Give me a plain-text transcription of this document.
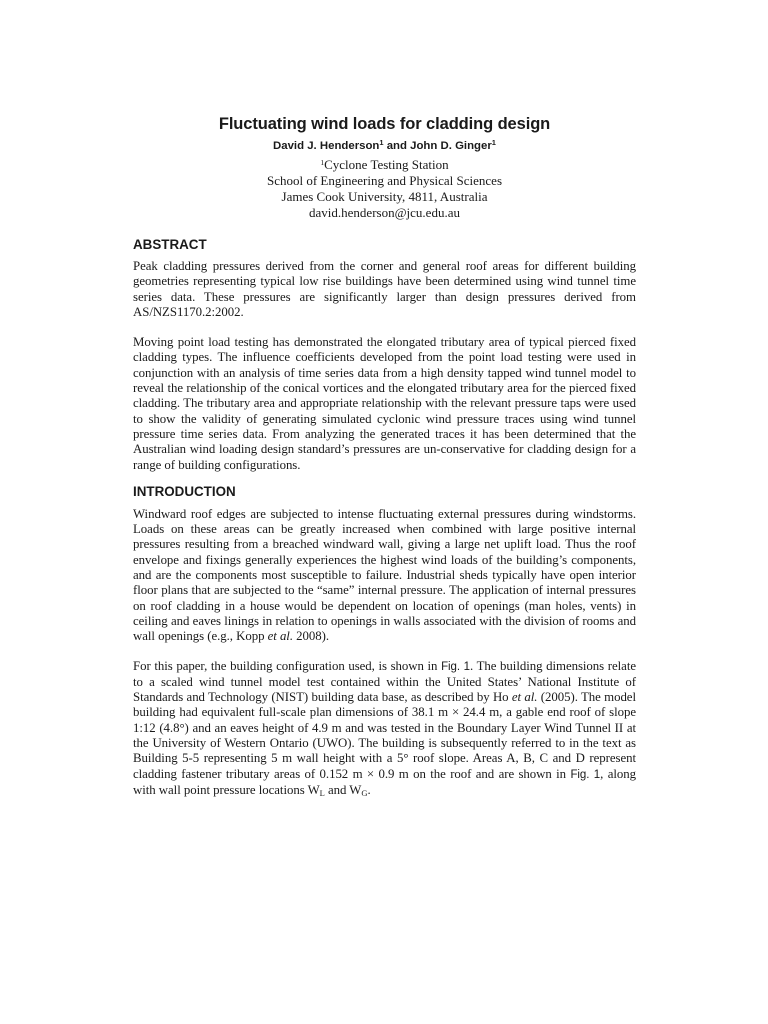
Fluctuating wind loads for cladding design

David J. Henderson$^1$ and John D. Ginger$^1$

$^1$Cyclone Testing Station

School of Engineering and Physical Sciences

James Cook University, 4811, Australia

david.henderson@jcu.edu.au

ABSTRACT

Peak cladding pressures derived from the corner and general roof areas for different building geometries representing typical low rise buildings have been determined using wind tunnel time series data. These pressures are significantly larger than design pressures derived from AS/NZS1170.2:2002.

Moving point load testing has demonstrated the elongated tributary area of typical pierced fixed cladding types. The influence coefficients developed from the point load testing were used in conjunction with an analysis of time series data from a high density tapped wind tunnel model to reveal the relationship of the conical vortices and the elongated tributary area for the pierced fixed cladding. The tributary area and appropriate relationship with the relevant pressure taps were used to show the validity of generating simulated cyclonic wind pressure traces using wind tunnel pressure time series data. From analyzing the generated traces it has been determined that the Australian wind loading design standard’s pressures are un-conservative for cladding design for a range of building configurations.

INTRODUCTION

Windward roof edges are subjected to intense fluctuating external pressures during windstorms. Loads on these areas can be greatly increased when combined with large positive internal pressures resulting from a breached windward wall, giving a large net uplift load. Thus the roof envelope and fixings generally experiences the highest wind loads of the building’s components, and are the components most susceptible to failure. Industrial sheds typically have open interior floor plans that are subjected to the “same” internal pressure. The application of internal pressures on roof cladding in a house would be dependent on location of openings (man holes, vents) in ceiling and eaves linings in relation to openings in walls associated with the division of rooms and wall openings (e.g., Kopp et al. 2008).

For this paper, the building configuration used, is shown in Fig. 1. The building dimensions relate to a scaled wind tunnel model test contained within the United States’ National Institute of Standards and Technology (NIST) building data base, as described by Ho et al. (2005). The model building had equivalent full-scale plan dimensions of 38.1 m × 24.4 m, a gable end roof of slope 1:12 (4.8°) and an eaves height of 4.9 m and was tested in the Boundary Layer Wind Tunnel II at the University of Western Ontario (UWO). The building is subsequently referred to in the text as Building 5-5 representing 5 m wall height with a 5° roof slope. Areas A, B, C and D represent cladding fastener tributary areas of 0.152 m × 0.9 m on the roof and are shown in Fig. 1, along with wall point pressure locations $W_L$ and $W_G$.
